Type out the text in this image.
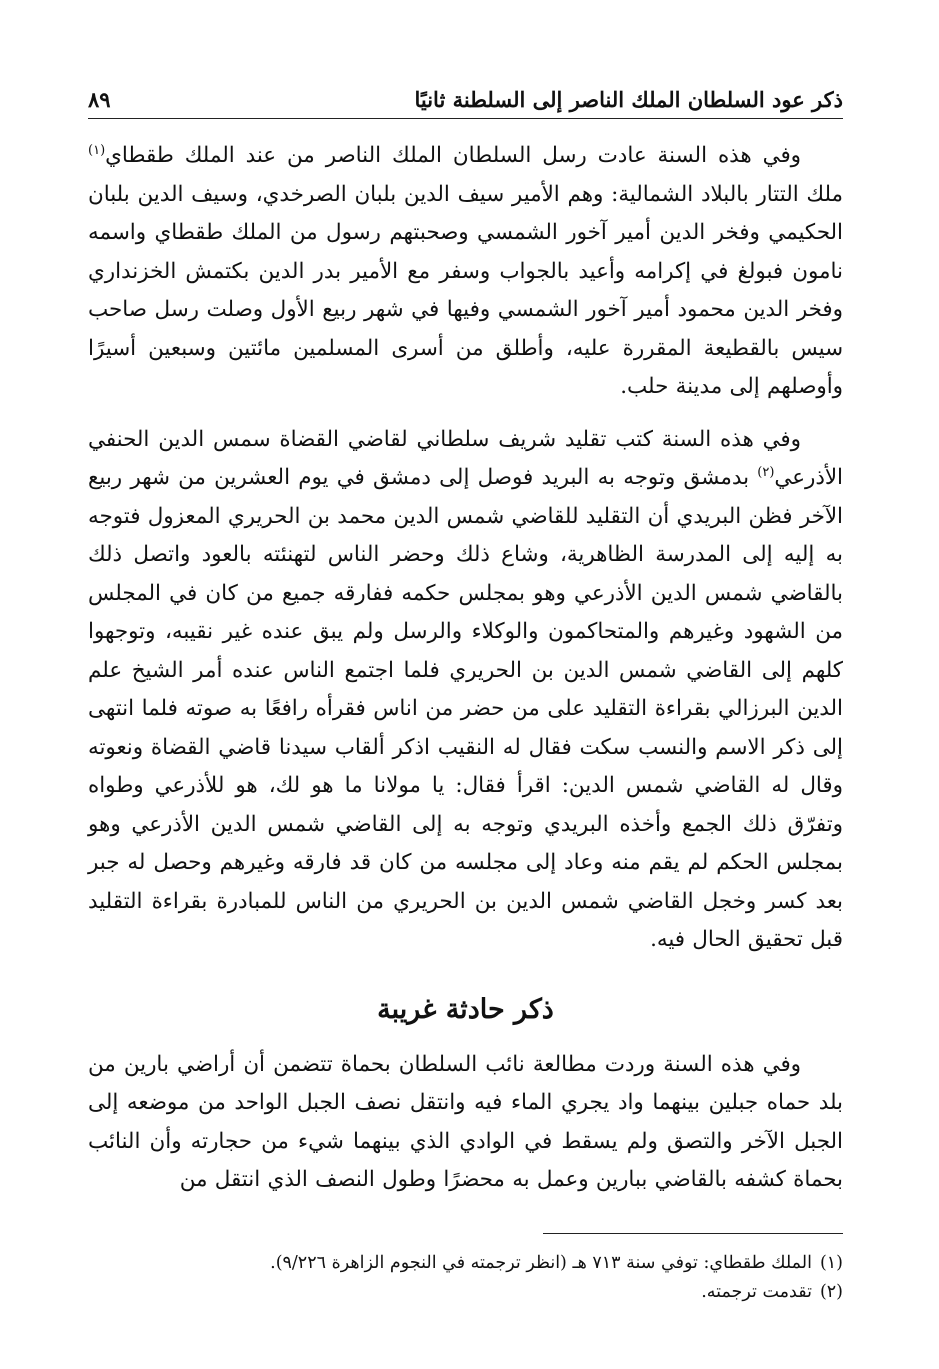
ذكر عود السلطان الملك الناصر إلى السلطنة ثانيًا
٨٩

وفي هذه السنة عادت رسل السلطان الملك الناصر من عند الملك طقطاي$^{(١)}$ ملك التتار بالبلاد الشمالية: وهم الأمير سيف الدين بلبان الصرخدي، وسيف الدين بلبان الحكيمي وفخر الدين أمير آخور الشمسي وصحبتهم رسول من الملك طقطاي واسمه نامون فبولغ في إكرامه وأعيد بالجواب وسفر مع الأمير بدر الدين بكتمش الخزنداري وفخر الدين محمود أمير آخور الشمسي وفيها في شهر ربيع الأول وصلت رسل صاحب سيس بالقطيعة المقررة عليه، وأطلق من أسرى المسلمين مائتين وسبعين أسيرًا وأوصلهم إلى مدينة حلب.

وفي هذه السنة كتب تقليد شريف سلطاني لقاضي القضاة سمس الدين الحنفي الأذرعي$^{(٢)}$ بدمشق وتوجه به البريد فوصل إلى دمشق في يوم العشرين من شهر ربيع الآخر فظن البريدي أن التقليد للقاضي شمس الدين محمد بن الحريري المعزول فتوجه به إليه إلى المدرسة الظاهرية، وشاع ذلك وحضر الناس لتهنئته بالعود واتصل ذلك بالقاضي شمس الدين الأذرعي وهو بمجلس حكمه ففارقه جميع من كان في المجلس من الشهود وغيرهم والمتحاكمون والوكلاء والرسل ولم يبق عنده غير نقيبه، وتوجهوا كلهم إلى القاضي شمس الدين بن الحريري فلما اجتمع الناس عنده أمر الشيخ علم الدين البرزالي بقراءة التقليد على من حضر من اناس فقرأه رافعًا به صوته فلما انتهى إلى ذكر الاسم والنسب سكت فقال له النقيب اذكر ألقاب سيدنا قاضي القضاة ونعوته وقال له القاضي شمس الدين: اقرأ فقال: يا مولانا ما هو لك، هو للأذرعي وطواه وتفرّق ذلك الجمع وأخذه البريدي وتوجه به إلى القاضي شمس الدين الأذرعي وهو بمجلس الحكم لم يقم منه وعاد إلى مجلسه من كان قد فارقه وغيرهم وحصل له جبر بعد كسر وخجل القاضي شمس الدين بن الحريري من الناس للمبادرة بقراءة التقليد قبل تحقيق الحال فيه.

ذكر حادثة غريبة

وفي هذه السنة وردت مطالعة نائب السلطان بحماة تتضمن أن أراضي بارين من بلد حماه جبلين بينهما واد يجري الماء فيه وانتقل نصف الجبل الواحد من موضعه إلى الجبل الآخر والتصق ولم يسقط في الوادي الذي بينهما شيء من حجارته وأن النائب بحماة كشفه بالقاضي ببارين وعمل به محضرًا وطول النصف الذي انتقل من

(١)الملك طقطاي: توفي سنة ٧١٣ هـ (انظر ترجمته في النجوم الزاهرة ٩/٢٢٦).

(٢)تقدمت ترجمته.
